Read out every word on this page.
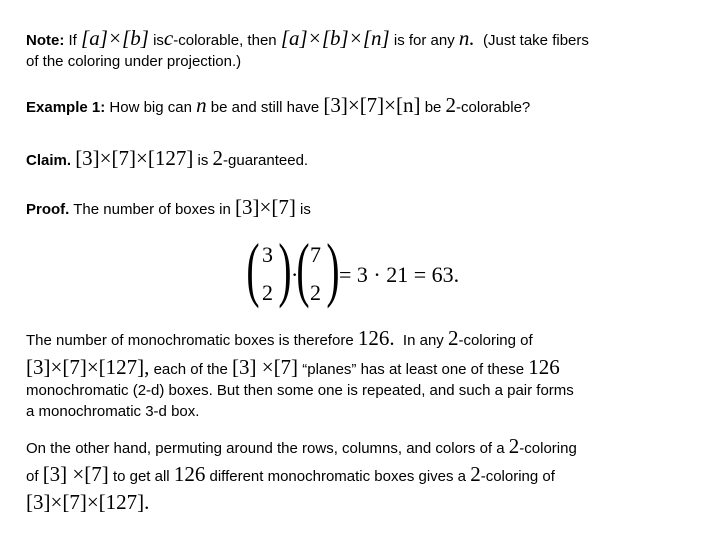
Note: If [a]×[b] isc-colorable, then [a]×[b]×[n] is for any n. (Just take fibers
of the coloring under projection.)
Example 1: How big can n be and still have [3]×[7]×[n] be 2-colorable?
Claim. [3]×[7]×[127] is 2-guaranteed.
Proof. The number of boxes in [3]×[7] is
( 3
2 ) ·
( 7
2 ) = 3 · 21 = 63.
The number of monochromatic boxes is therefore 126. In any 2-coloring of
[3]×[7]×[127], each of the [3] ×[7] “planes” has at least one of these 126
monochromatic (2-d) boxes. But then some one is repeated, and such a pair forms
a monochromatic 3-d box.
On the other hand, permuting around the rows, columns, and colors of a 2-coloring
of [3] ×[7] to get all 126 different monochromatic boxes gives a 2-coloring of
[3]×[7]×[127].
